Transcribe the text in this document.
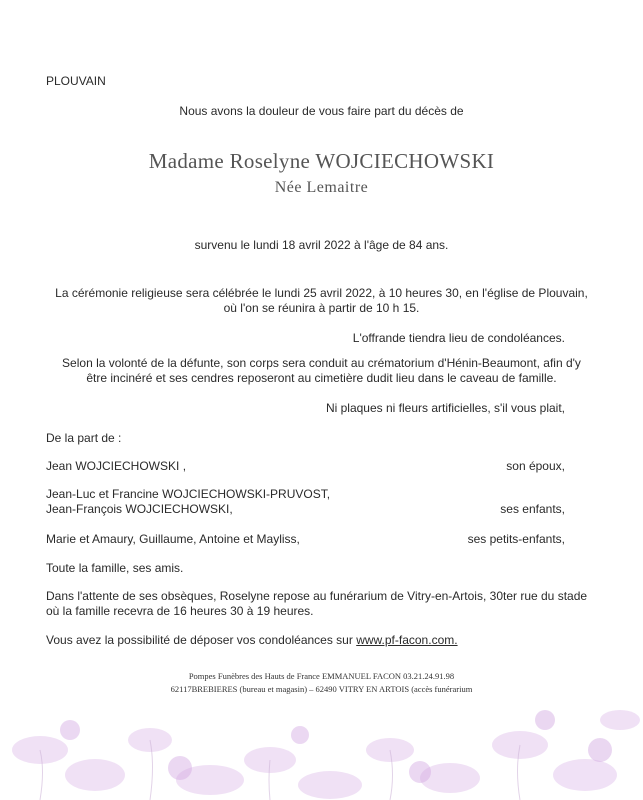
PLOUVAIN
Nous avons la douleur de vous faire part du décès de
Madame Roselyne WOJCIECHOWSKI
Née Lemaitre
survenu le lundi 18 avril 2022 à l'âge de 84 ans.
La cérémonie religieuse sera célébrée le lundi 25 avril 2022, à 10 heures 30, en l'église de Plouvain,
où l'on se réunira à partir de 10 h 15.
L'offrande tiendra lieu de condoléances.
Selon la volonté de la défunte, son corps sera conduit au crématorium d'Hénin-Beaumont, afin d'y
être incinéré et ses cendres reposeront au cimetière dudit lieu dans le caveau de famille.
Ni plaques ni fleurs artificielles, s'il vous plait,
De la part de :
Jean WOJCIECHOWSKI ,	son époux,
Jean-Luc et Francine WOJCIECHOWSKI-PRUVOST,
Jean-François WOJCIECHOWSKI,	ses enfants,
Marie et Amaury, Guillaume, Antoine et Mayliss,	ses petits-enfants,
Toute la famille, ses amis.
Dans l'attente de ses obsèques, Roselyne repose au funérarium de Vitry-en-Artois, 30ter rue du stade
où la famille recevra de 16 heures 30 à 19 heures.
Vous avez la possibilité de déposer vos condoléances sur www.pf-facon.com.
Pompes Funèbres des Hauts de France EMMANUEL FACON 03.21.24.91.98
62117BREBIERES (bureau et magasin) – 62490 VITRY EN ARTOIS (accès funérarium
